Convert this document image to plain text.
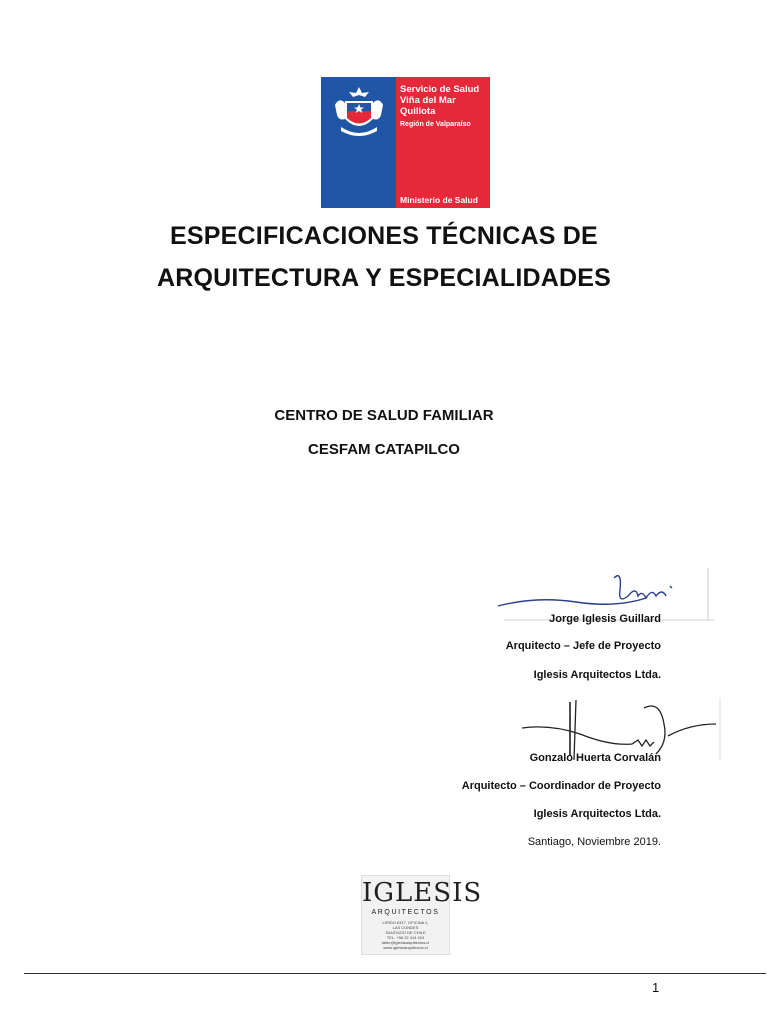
Servicio de Salud
Viña del Mar
Quillota
Región de Valparaíso
Ministerio de Salud
ESPECIFICACIONES TÉCNICAS DE
ARQUITECTURA Y ESPECIALIDADES
CENTRO DE SALUD FAMILIAR
CESFAM CATAPILCO
Jorge Iglesis Guillard
Arquitecto – Jefe de Proyecto
Iglesis Arquitectos Ltda.
Gonzalo Huerta Corvalán
Arquitecto – Coordinador de Proyecto
Iglesis Arquitectos Ltda.
Santiago, Noviembre 2019.
IGLESIS
ARQUITECTOS
LIRIDO 6317, OFICINA 1,
LAS CONDES
SANTIAGO DE CHILE
TEL: +56 22 414 424
taller@iglesisarquitectos.cl
www.iglesisarquitectos.cl
1
